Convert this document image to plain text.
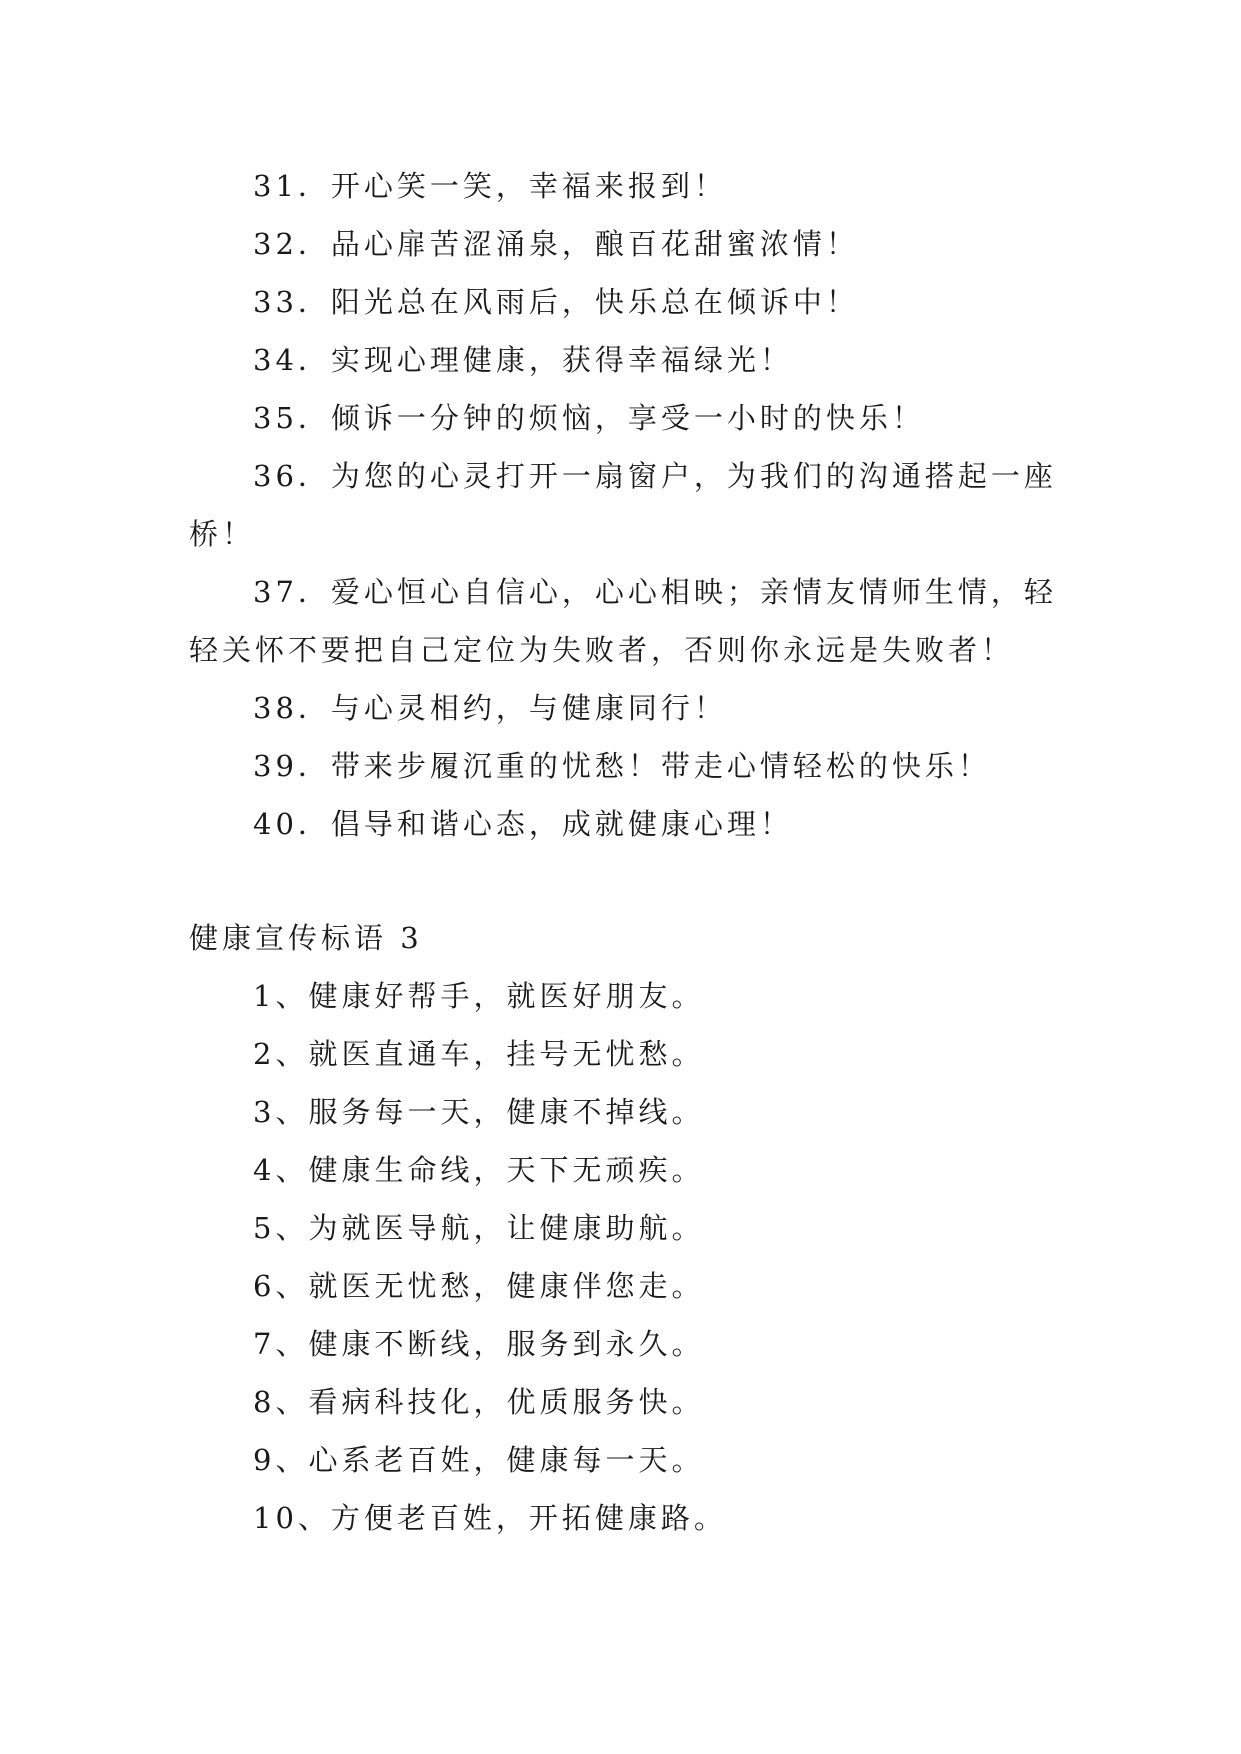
31．开心笑一笑，幸福来报到！
32．品心扉苦涩涌泉，酿百花甜蜜浓情！
33．阳光总在风雨后，快乐总在倾诉中！
34．实现心理健康，获得幸福绿光！
35．倾诉一分钟的烦恼，享受一小时的快乐！
36．为您的心灵打开一扇窗户，为我们的沟通搭起一座
桥！
37．爱心恒心自信心，心心相映；亲情友情师生情，轻
轻关怀不要把自己定位为失败者，否则你永远是失败者！
38．与心灵相约，与健康同行！
39．带来步履沉重的忧愁！带走心情轻松的快乐！
40．倡导和谐心态，成就健康心理！
健康宣传标语 3
1、健康好帮手，就医好朋友。
2、就医直通车，挂号无忧愁。
3、服务每一天，健康不掉线。
4、健康生命线，天下无顽疾。
5、为就医导航，让健康助航。
6、就医无忧愁，健康伴您走。
7、健康不断线，服务到永久。
8、看病科技化，优质服务快。
9、心系老百姓，健康每一天。
10、方便老百姓，开拓健康路。
